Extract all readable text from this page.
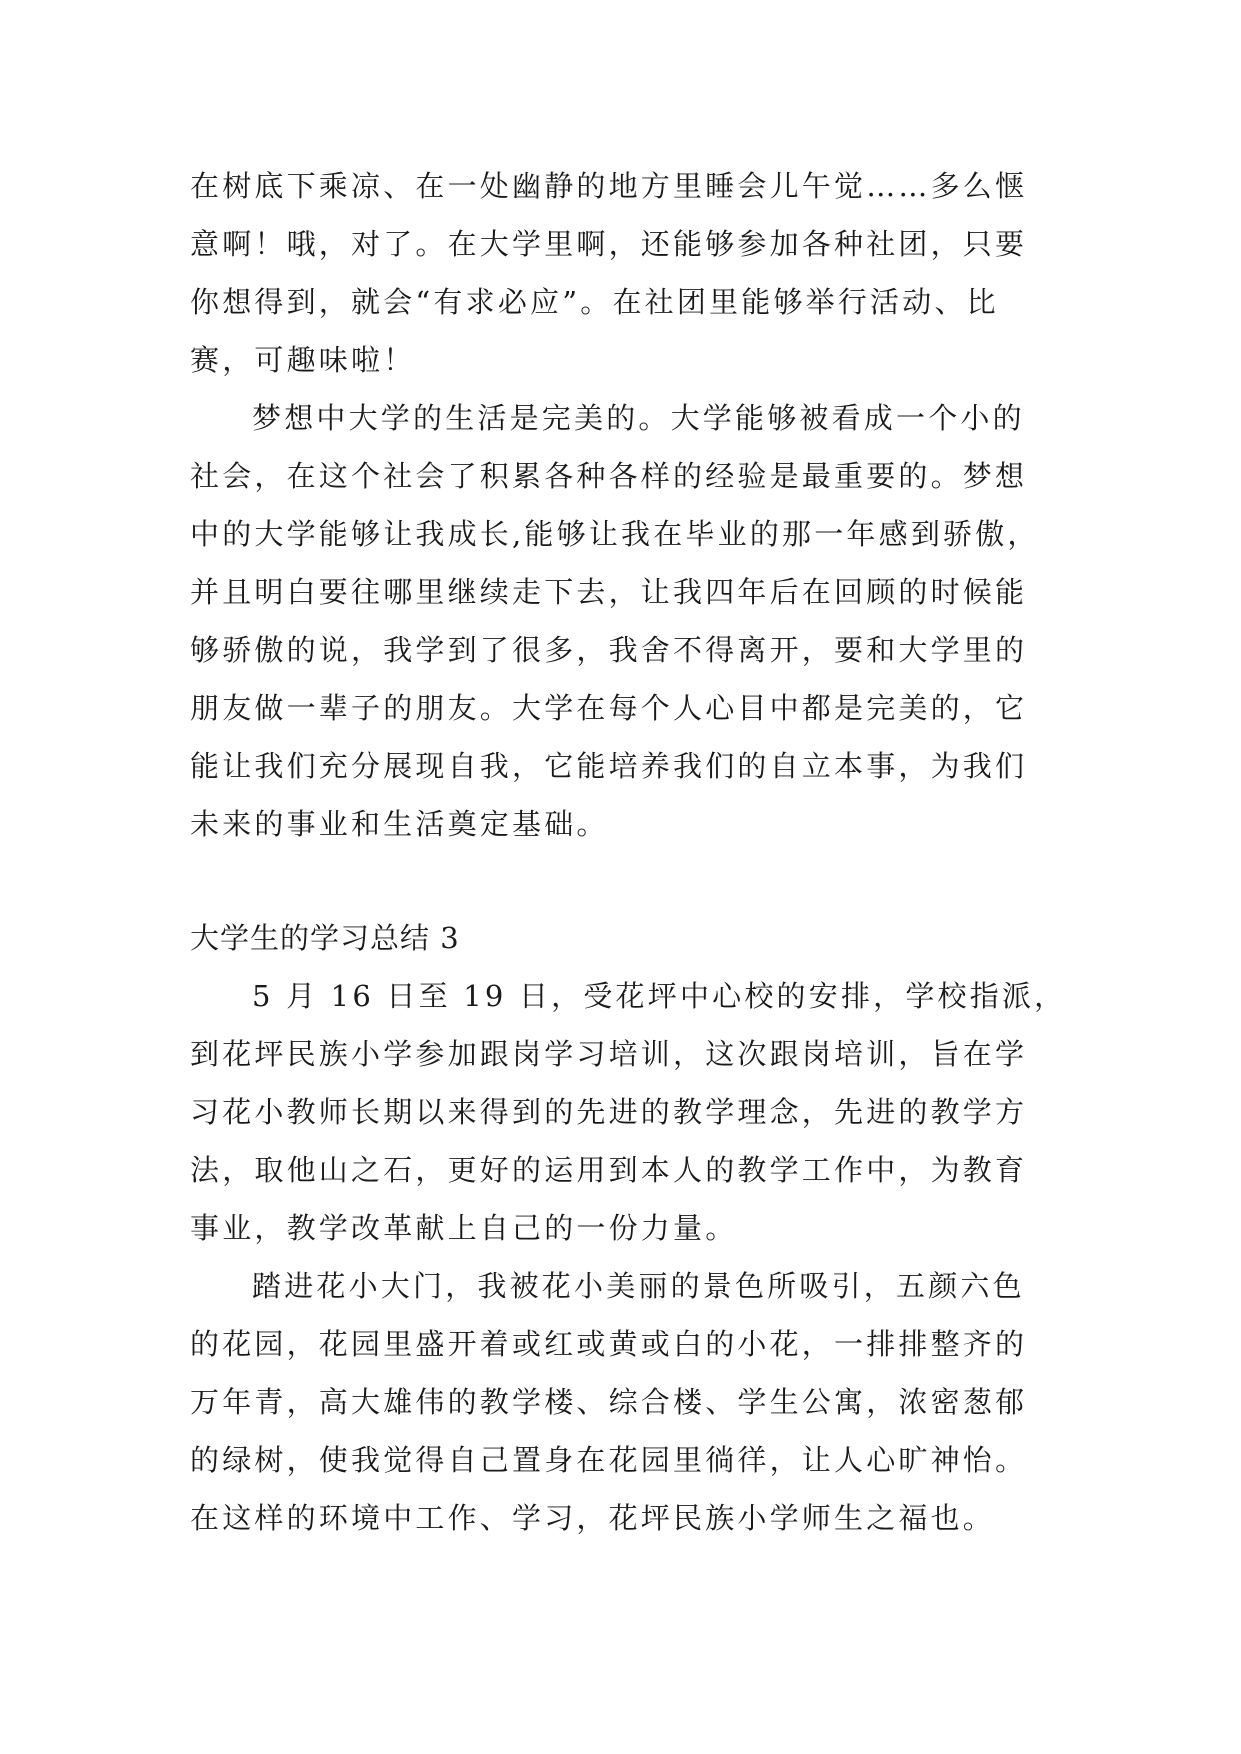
在树底下乘凉、在一处幽静的地方里睡会儿午觉……多么惬
意啊！哦，对了。在大学里啊，还能够参加各种社团，只要
你想得到，就会“有求必应”。在社团里能够举行活动、比
赛，可趣味啦！
梦想中大学的生活是完美的。大学能够被看成一个小的
社会，在这个社会了积累各种各样的经验是最重要的。梦想
中的大学能够让我成长,能够让我在毕业的那一年感到骄傲，
并且明白要往哪里继续走下去，让我四年后在回顾的时候能
够骄傲的说，我学到了很多，我舍不得离开，要和大学里的
朋友做一辈子的朋友。大学在每个人心目中都是完美的，它
能让我们充分展现自我，它能培养我们的自立本事，为我们
未来的事业和生活奠定基础。
大学生的学习总结 3
5 月 16 日至 19 日，受花坪中心校的安排，学校指派，
到花坪民族小学参加跟岗学习培训，这次跟岗培训，旨在学
习花小教师长期以来得到的先进的教学理念，先进的教学方
法，取他山之石，更好的运用到本人的教学工作中，为教育
事业，教学改革献上自己的一份力量。
踏进花小大门，我被花小美丽的景色所吸引，五颜六色
的花园，花园里盛开着或红或黄或白的小花，一排排整齐的
万年青，高大雄伟的教学楼、综合楼、学生公寓，浓密葱郁
的绿树，使我觉得自己置身在花园里徜徉，让人心旷神怡。
在这样的环境中工作、学习，花坪民族小学师生之福也。
